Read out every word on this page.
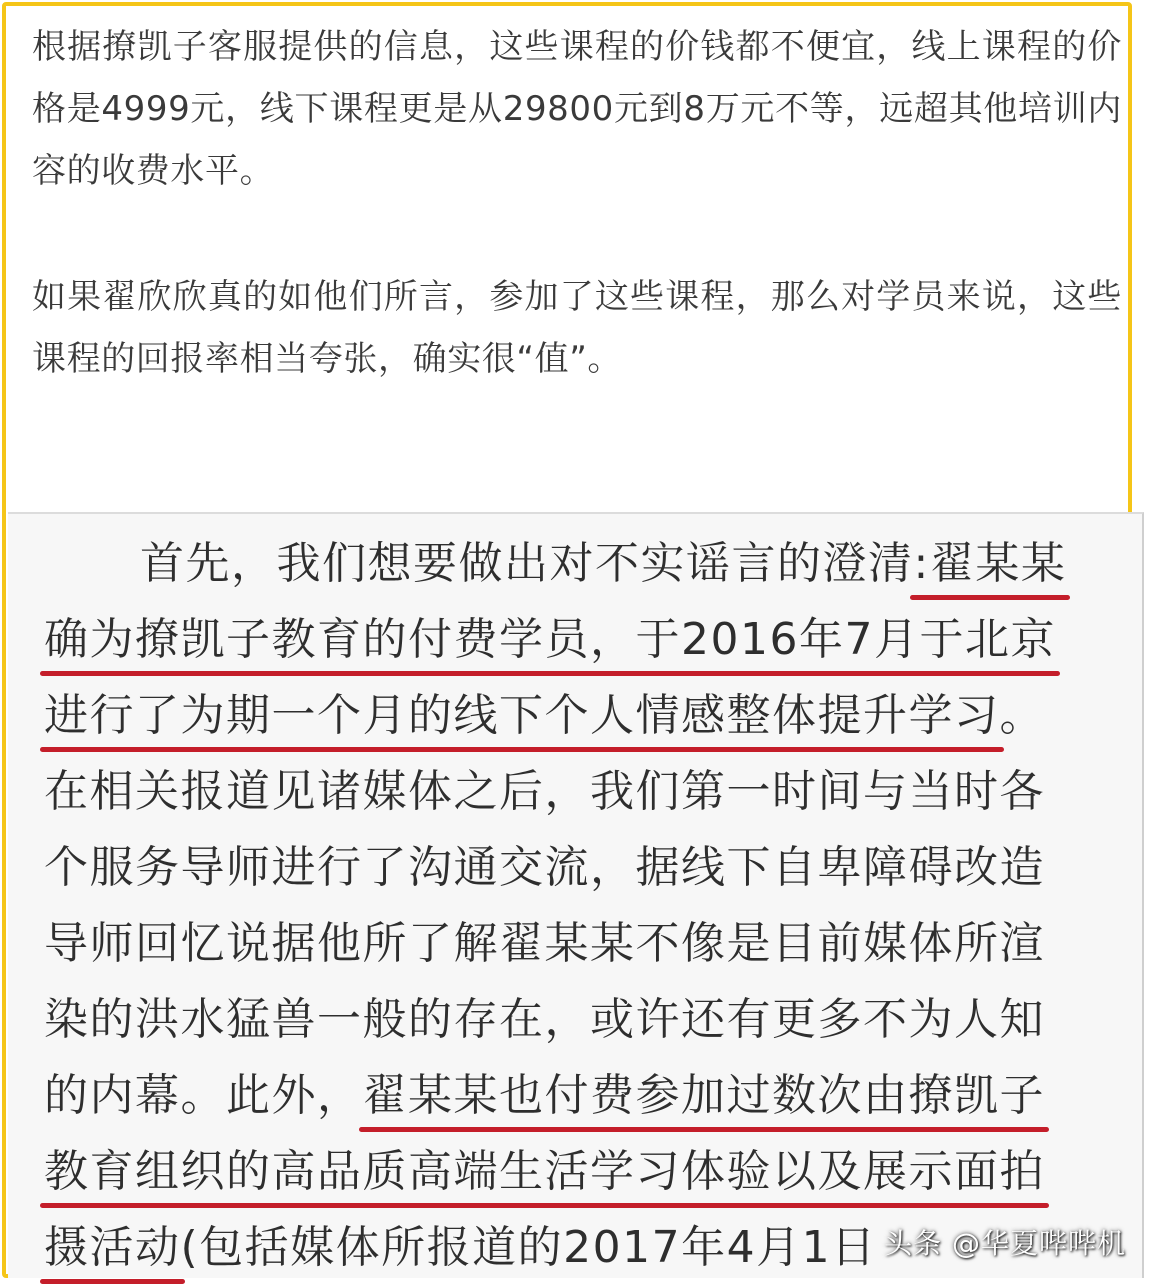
根据撩凯子客服提供的信息，这些课程的价钱都不便宜，线上课程的价格是4999元，线下课程更是从29800元到8万元不等，远超其他培训内容的收费水平。

如果翟欣欣真的如他们所言，参加了这些课程，那么对学员来说，这些课程的回报率相当夸张，确实很“值”。

首先，我们想要做出对不实谣言的澄清:翟某某
确为撩凯子教育的付费学员，于2016年7月于北京
进行了为期一个月的线下个人情感整体提升学习。
在相关报道见诸媒体之后，我们第一时间与当时各
个服务导师进行了沟通交流，据线下自卑障碍改造
导师回忆说据他所了解翟某某不像是目前媒体所渲
染的洪水猛兽一般的存在，或许还有更多不为人知
的内幕。此外，翟某某也付费参加过数次由撩凯子
教育组织的高品质高端生活学习体验以及展示面拍
摄活动(包括媒体所报道的2017年4月1日 头条 @华夏哔哔机
